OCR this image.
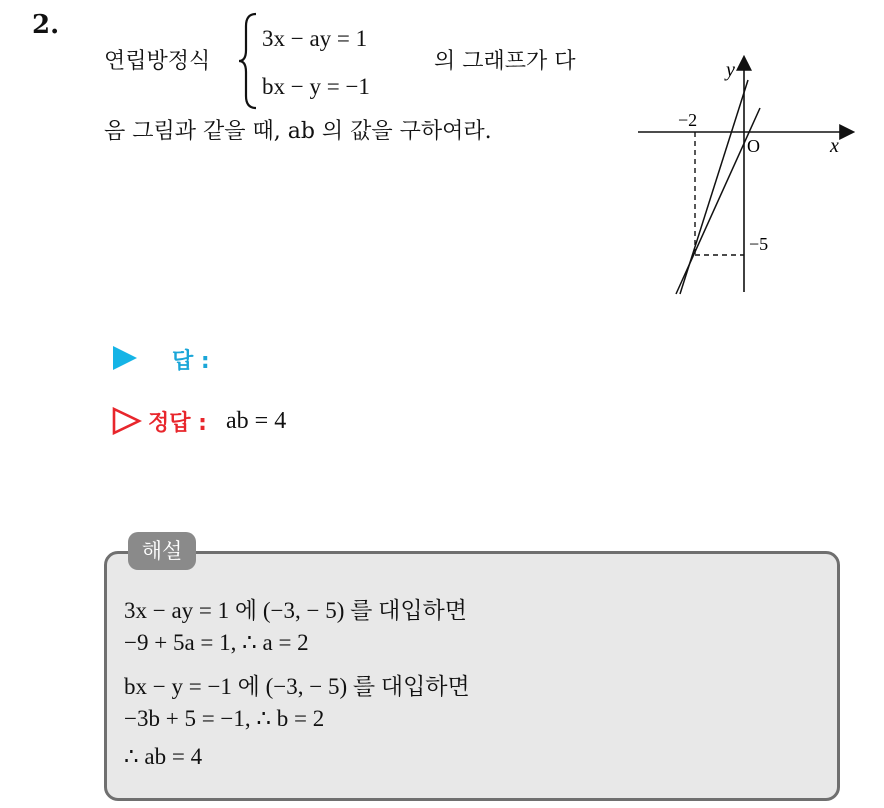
2.
연립방정식
3x − ay = 1
bx − y = −1
의 그래프가 다
음 그림과 같을 때, ab 의 값을 구하여라.
y
x
O
−2
−5
답 :
정답 : ab = 4
해설
3x − ay = 1 에 (−3, − 5) 를 대입하면
−9 + 5a = 1, ∴ a = 2
bx − y = −1 에 (−3, − 5) 를 대입하면
−3b + 5 = −1, ∴ b = 2
∴ ab = 4
